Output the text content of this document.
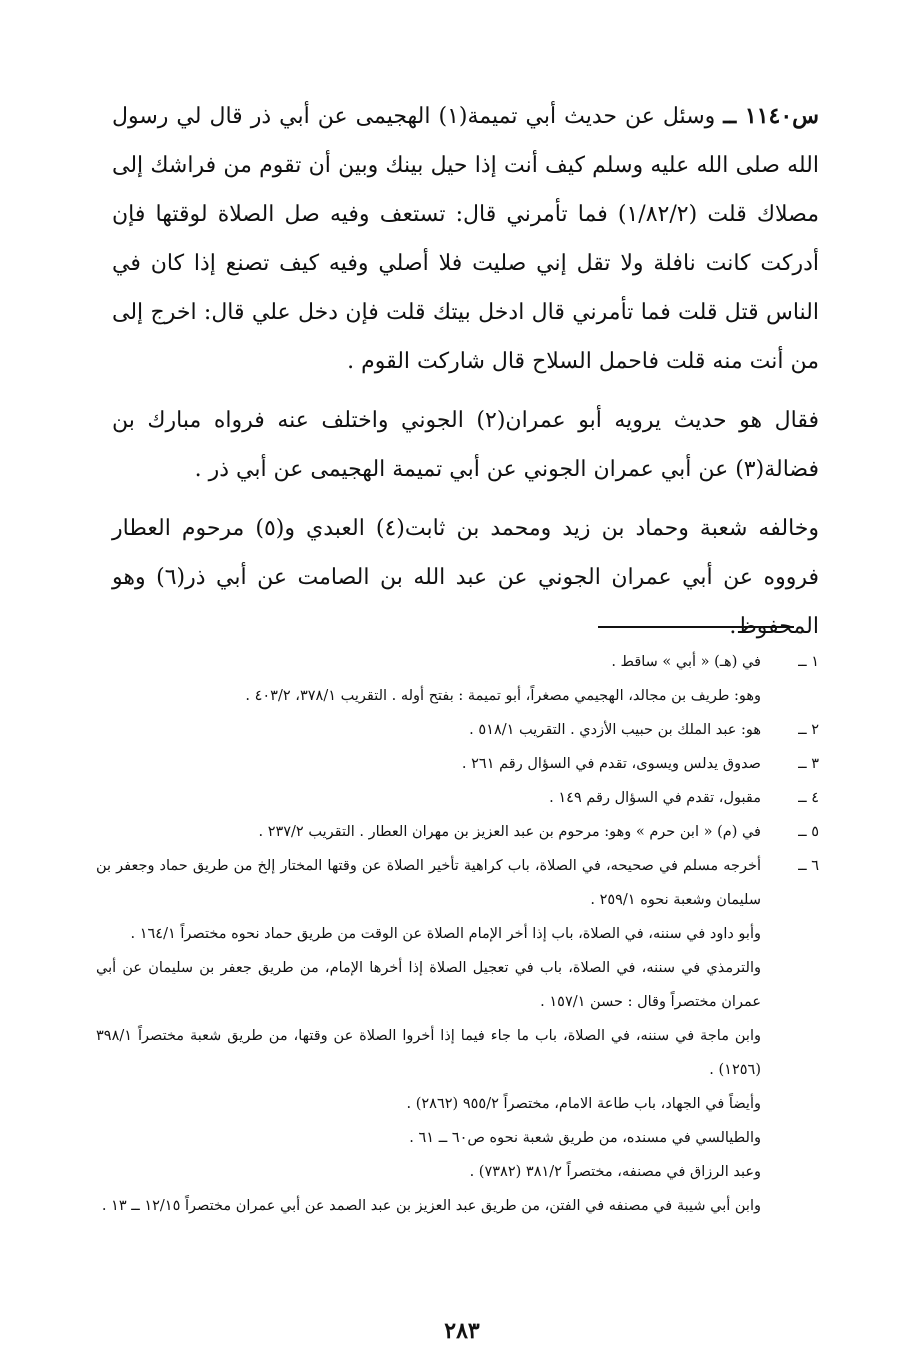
س١١٤٠ ــ وسئل عن حديث أبي تميمة(١) الهجيمى عن أبي ذر قال لي رسول الله صلى الله عليه وسلم كيف أنت إذا حيل بينك وبين أن تقوم من فراشك إلى مصلاك قلت (١/٨٢/٢) فما تأمرني قال: تستعف وفيه صل الصلاة لوقتها فإن أدركت كانت نافلة ولا تقل إني صليت فلا أصلي وفيه كيف تصنع إذا كان في الناس قتل قلت فما تأمرني قال ادخل بيتك قلت فإن دخل علي قال: اخرج إلى من أنت منه قلت فاحمل السلاح قال شاركت القوم .

فقال هو حديث يرويه أبو عمران(٢) الجوني واختلف عنه فرواه مبارك بن فضالة(٣) عن أبي عمران الجوني عن أبي تميمة الهجيمى عن أبي ذر .

وخالفه شعبة وحماد بن زيد ومحمد بن ثابت(٤) العبدي و(٥) مرحوم العطار فرووه عن أبي عمران الجوني عن عبد الله بن الصامت عن أبي ذر(٦) وهو المحفوظ.

١ ــ
في (هـ) « أبي » ساقط .
وهو: طريف بن مجالد، الهجيمي مصغراً، أبو تميمة : بفتح أوله . التقريب ٣٧٨/١، ٤٠٣/٢ .
٢ ــ
هو: عبد الملك بن حبيب الأزدي . التقريب ٥١٨/١ .
٣ ــ
صدوق يدلس ويسوى، تقدم في السؤال رقم ٢٦١ .
٤ ــ
مقبول، تقدم في السؤال رقم ١٤٩ .
٥ ــ
في (م) « ابن حرم » وهو: مرحوم بن عبد العزيز بن مهران العطار . التقريب ٢٣٧/٢ .
٦ ــ
أخرجه مسلم في صحيحه، في الصلاة، باب كراهية تأخير الصلاة عن وقتها المختار إلخ من طريق حماد وجعفر بن سليمان وشعبة نحوه ٢٥٩/١ .
وأبو داود في سننه، في الصلاة، باب إذا أخر الإمام الصلاة عن الوقت من طريق حماد نحوه مختصراً ١٦٤/١ .
والترمذي في سننه، في الصلاة، باب في تعجيل الصلاة إذا أخرها الإمام، من طريق جعفر بن سليمان عن أبي عمران مختصراً وقال : حسن ١٥٧/١ .
وابن ماجة في سننه، في الصلاة، باب ما جاء فيما إذا أخروا الصلاة عن وقتها، من طريق شعبة مختصراً ٣٩٨/١ (١٢٥٦) .
وأيضاً في الجهاد، باب طاعة الامام، مختصراً ٩٥٥/٢ (٢٨٦٢) .
والطيالسي في مسنده، من طريق شعبة نحوه ص٦٠ ــ ٦١ .
وعبد الرزاق في مصنفه، مختصراً ٣٨١/٢ (٧٣٨٢) .
وابن أبي شيبة في مصنفه في الفتن، من طريق عبد العزيز بن عبد الصمد عن أبي عمران مختصراً ١٢/١٥ ــ ١٣ .
٢٨٣
